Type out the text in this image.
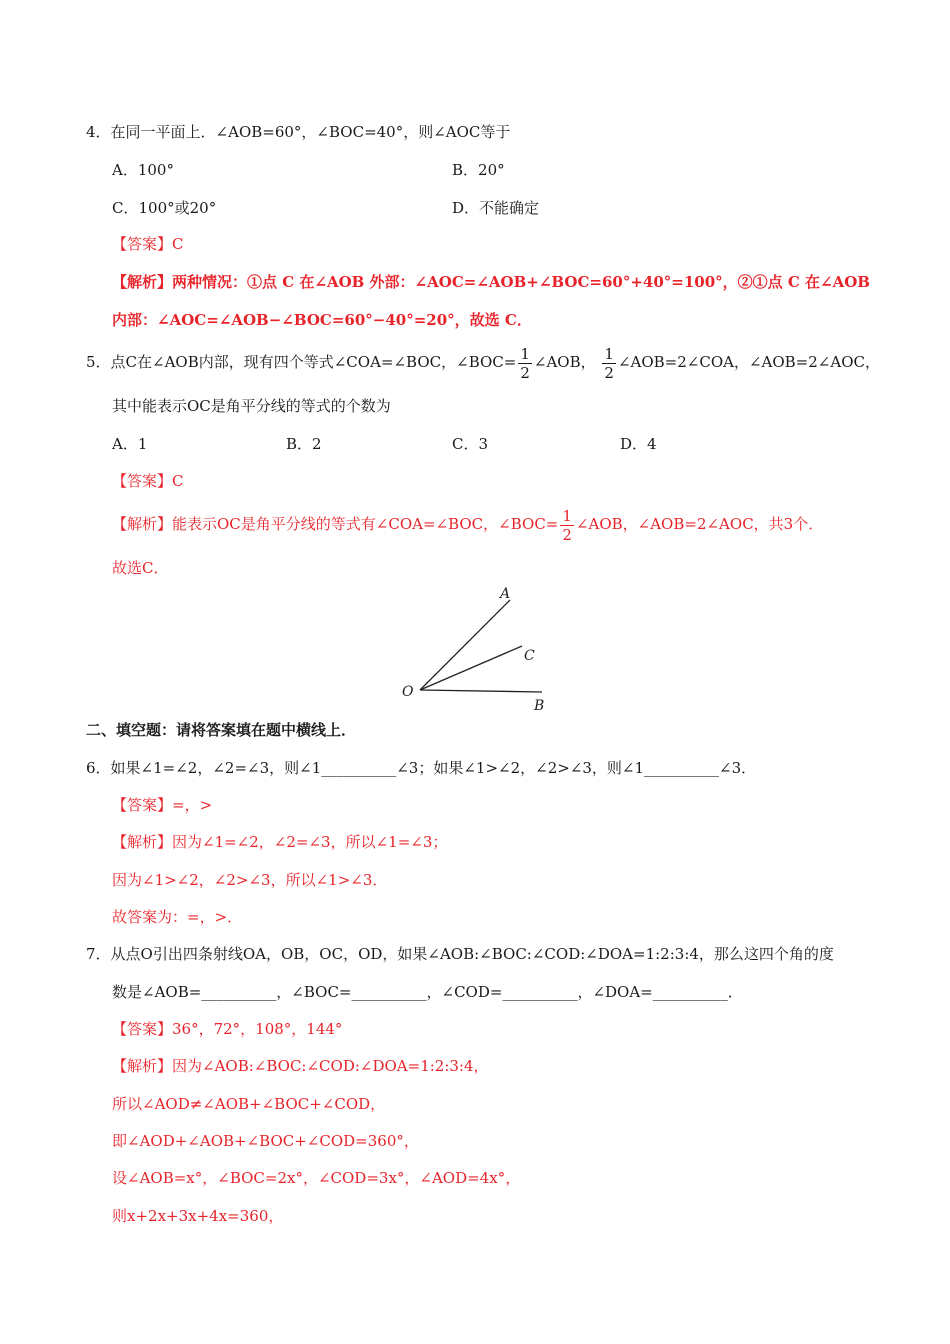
4．在同一平面上．∠AOB=60°，∠BOC=40°，则∠AOC等于
A．100°	B．20°
C．100°或20°	D．不能确定
【答案】C
【解析】两种情况：①点 C 在∠AOB 外部：∠AOC=∠AOB+∠BOC=60°+40°=100°，②①点 C 在∠AOB
内部：∠AOC=∠AOB−∠BOC=60°−40°=20°，故选 C．
5．点C在∠AOB内部，现有四个等式∠COA=∠BOC，∠BOC= $\frac{1}{2}$ ∠AOB， $\frac{1}{2}$ ∠AOB=2∠COA，∠AOB=2∠AOC，
其中能表示OC是角平分线的等式的个数为
A．1	B．2	C．3	D．4
【答案】C
【解析】能表示OC是角平分线的等式有∠COA=∠BOC，∠BOC= $\frac{1}{2}$ ∠AOB，∠AOB=2∠AOC，共3个．
故选C．
A
C
O
B
二、填空题：请将答案填在题中横线上．
6．如果∠1=∠2，∠2=∠3，则∠1__________∠3；如果∠1>∠2，∠2>∠3，则∠1__________∠3．
【答案】=，>
【解析】因为∠1=∠2，∠2=∠3，所以∠1=∠3；
因为∠1>∠2，∠2>∠3，所以∠1>∠3．
故答案为：=，>．
7．从点O引出四条射线OA，OB，OC，OD，如果∠AOB:∠BOC:∠COD:∠DOA=1:2:3:4，那么这四个角的度
数是∠AOB=__________，∠BOC=__________，∠COD=__________，∠DOA=__________．
【答案】36°，72°，108°，144°
【解析】因为∠AOB:∠BOC:∠COD:∠DOA=1:2:3:4，
所以∠AOD≠∠AOB+∠BOC+∠COD，
即∠AOD+∠AOB+∠BOC+∠COD=360°，
设∠AOB=x°，∠BOC=2x°，∠COD=3x°，∠AOD=4x°，
则x+2x+3x+4x=360，
